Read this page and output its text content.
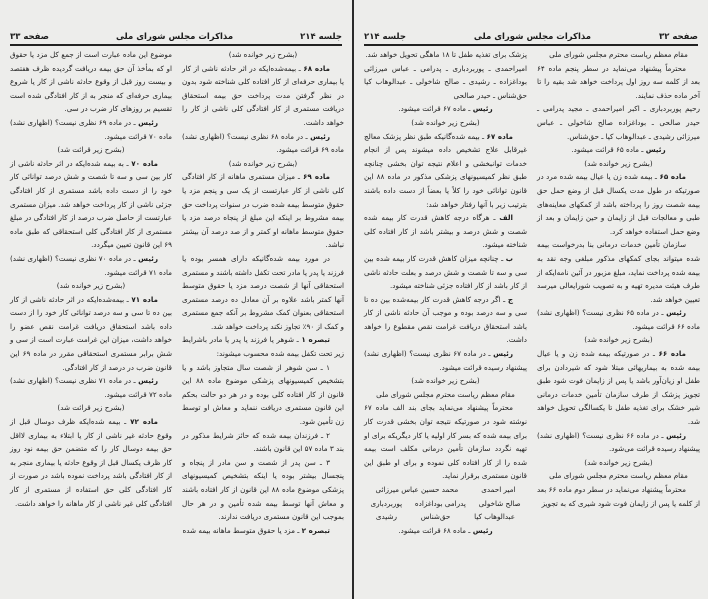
جلسه ۲۱۴
مذاکرات مجلس شورای ملی
صفحه ۳۳

(بشرح زیر خوانده شد)

ماده ۶۸ ـ بیمه‌شده‌ایکه در اثر حادثه ناشی از کار یا بیماری حرفه‌ای از کار افتاده کلی شناخته شود بدون در نظر گرفتن مدت پرداخت حق بیمه استحقاق دریافت مستمری از کار افتادگی کلی ناشی از کار را خواهد داشت.

رئیس ـ در ماده ۶۸ نظری نیست؟ (اظهاری نشد) ماده ۶۹ قرائت میشود.

(بشرح زیر خوانده شد)

ماده ۶۹ ـ میزان مستمری ماهانه از کار افتادگی کلی ناشی از کار عبارتست از یک سی‌ و پنجم مزد یا حقوق متوسط بیمه شده ضرب در سنوات پرداخت حق بیمه مشروط بر اینکه این مبلغ از پنجاه درصد مزد یا حقوق متوسط ماهانه او کمتر و از صد درصد آن بیشتر نباشد.

در مورد بیمه شده‌گانیکه دارای همسر بوده یا فرزند یا پدر یا مادر تحت تکفل داشته باشند و مستمری استحقاقی آنها از شصت درصد مزد یا حقوق متوسط آنها کمتر باشد علاوه بر آن معادل ده درصد مستمری استحقاقی بعنوان کمک مشروط بر آنکه جمع مستمری و کمک از ۹۰٪ تجاوز نکند پرداخت خواهد شد.

تبصره ۱ ـ شوهر یا فرزند یا پدر یا مادر باشرایط زیر تحت تکفل بیمه شده محسوب میشوند:

۱ ـ سن شوهر از شصت سال متجاوز باشد و یا بتشخیص کمیسیونهای پزشکی موضوع ماده ۸۸ این قانون از کار افتاده کلی بوده و در هر دو حالت بحکم این قانون مستمری دریافت ننماید و معاش او توسط زن تأمین شود.

۲ ـ فرزندان بیمه شده که حائز شرایط مذکور در بند ۳ ماده ۵۷ این قانون باشند.

۳ ـ سن پدر از شصت و سن مادر از پنجاه و پنجسال بیشتر بوده یا اینکه بتشخیص کمیسیونهای پزشکی موضوع ماده ۸۸ این قانون از کار افتاده باشند و معاش آنها توسط بیمه شده تأمین و در هر حال بموجب این قانون مستمری دریافت ندارند.

تبصره ۲ ـ مزد یا حقوق متوسط ماهانه بیمه شده

موضوع این ماده عبارت است از جمع کل مزد یا حقوق او که بمأخذ آن حق بیمه دریافت گردیده ظرف هفتصد و بیست روز قبل از وقوع حادثه ناشی از کار یا شروع بیماری حرفه‌ای که منجر به از کار افتادگی شده است تقسیم بر روزهای کار ضرب در سی.

رئیس ـ در ماده ۶۹ نظری نیست؟ (اظهاری نشد) ماده ۷۰ قرائت میشود.

(بشرح زیر قرائت شد)

ماده ۷۰ ـ به بیمه شده‌ایکه در اثر حادثه ناشی از کار بین سی و سه تا شصت و شش درصد توانائی کار خود را از دست داده باشد مستمری از کار افتادگی جزئی ناشی از کار پرداخت خواهد شد. میزان مستمری عبارتست از حاصل ضرب درصد از کار افتادگی در مبلغ مستمری از کار افتادگی کلی استحقاقی که طبق ماده ۶۹ این قانون تعیین میگردد.

رئیس ـ در ماده ۷۰ نظری نیست؟ (اظهاری نشد) ماده ۷۱ قرائت میشود.

(بشرح زیر خوانده شد)

ماده ۷۱ ـ بیمه‌شده‌ایکه در اثر حادثه ناشی از کار بین ده تا سی و سه درصد توانائی کار خود را از دست داده باشد استحقاق دریافت غرامت نقص عضو را خواهد داشت، میزان این غرامت عبارت است از سی و شش برابر مستمری استحقاقی مقرر در ماده ۶۹ این قانون ضرب در درصد از کار افتادگی.

رئیس ـ در ماده ۷۱ نظری نیست؟ (اظهاری نشد) ماده ۷۲ قرائت میشود.

(بشرح زیر قرائت شد)

ماده ۷۲ ـ بیمه شده‌ایکه ظرف دوسال قبل از وقوع حادثه غیر ناشی از کار یا ابتلاء به بیماری لااقل حق بیمه دوسال کار را که متضمن حق بیمه نود روز کار ظرف یکسال قبل از وقوع حادثه یا بیماری منجر به از کار افتادگی باشد پرداخت نموده باشد در صورت از کار افتادگی کلی حق استفاده از مستمری از کار افتادگی کلی غیر ناشی از کار ماهانه را خواهد داشت.

صفحه ۳۲
مذاکرات مجلس شورای ملی
جلسه ۲۱۴

مقام معظم ریاست محترم مجلس شورای ملی

محترماً پیشنهاد می‌نماید در سطر پنجم ماده ۶۴ بعد از کلمه سه روز اول پرداخت خواهد شد بقیه را تا آخر ماده حذف نمایند.

رحیم پوربردباری ـ اکبر امیراحمدی ـ مجید پدرامی ـ حیدر صالحی ـ بوداغزاده صالح شاخولی ـ عباس میرزائی رشیدی ـ عبدالوهاب کیا ـ حق‌شناس.

رئیس ـ ماده ۶۵ قرائت میشود.

(بشرح زیر خوانده شد)

ماده ۶۵ ـ بیمه شده زن یا عیال بیمه شده مرد در صورتیکه در طول مدت یکسال قبل از وضع حمل حق بیمه شصت روز را پرداخته باشد از کمکهای معاینه‌های طبی و معالجات قبل از زایمان و حین زایمان و بعد از وضع حمل استفاده خواهد کرد.

سازمان تأمین خدمات درمانی بنا بدرخواست بیمه شده میتواند بجای کمکهای مذکور مبلغی وجه نقد به بیمه شده پرداخت نماید، مبلغ مزبور در آئین نامه‌ایکه از طرف هیئت مدیره تهیه و به تصویب شورایعالی میرسد تعیین خواهد شد.

رئیس ـ در ماده ۶۵ نظری نیست؟ (اظهاری نشد) ماده ۶۶ قرائت میشود.

(بشرح زیر خوانده شد)

ماده ۶۶ ـ در صورتیکه بیمه شده زن و یا عیال بیمه شده به بیماریهائی مبتلا شود که شیردادن برای طفل او زیان‌آور باشد یا پس از زایمان فوت شود طبق تجویز پزشک از طرف سازمان تأمین خدمات درمانی شیر خشک برای تغذیه طفل تا یکسالگی تحویل خواهد شد.

رئیس ـ در ماده ۶۶ نظری نیست؟ (اظهاری نشد) پیشنهاد رسیده قرائت می‌شود.

(بشرح زیر خوانده شد)

مقام معظم ریاست محترم مجلس شورای ملی

محترماً پیشنهاد می‌نماید در سطر دوم ماده ۶۶ بعد از کلمه یا پس از زایمان فوت شود شیری که به تجویز

پزشک برای تغذیه طفل تا ۱۸ ماهگی تحویل خواهد شد.

امیراحمدی ـ پوربردباری ـ پدرامی ـ عباس میرزائی بوداغزاده ـ رشیدی ـ صالح شاخولی ـ عبدالوهاب کیا حق‌شناس ـ حیدر صالحی

رئیس ـ ماده ۶۷ قرائت میشود.

(بشرح زیر خوانده شد)

ماده ۶۷ ـ بیمه شده‌گانیکه طبق نظر پزشک معالج غیرقابل علاج تشخیص داده میشوند پس از انجام خدمات توانبخشی و اعلام نتیجه توان بخشی چنانچه طبق نظر کمیسیونهای پزشکی مذکور در ماده ۸۸ این قانون توانائی خود را کلاً یا بعضاً از دست داده باشند بترتیب زیر با آنها رفتار خواهد شد:

الف ـ هرگاه درجه کاهش قدرت کار بیمه شده شصت و شش درصد و بیشتر باشد از کار افتاده کلی شناخته میشود.

ب ـ چنانچه میزان کاهش قدرت کار بیمه شده بین سی و سه تا شصت و شش درصد و بعلت حادثه ناشی از کار باشد از کار افتاده جزئی شناخته میشود.

ج ـ اگر درجه کاهش قدرت کار بیمه‌شده بین ده تا سی و سه درصد بوده و موجب آن حادثه ناشی از کار باشد استحقاق دریافت غرامت نقص مقطوع را خواهد داشت.

رئیس ـ در ماده ۶۷ نظری نیست؟ (اظهاری نشد) پیشنهاد رسیده قرائت میشود.

(بشرح زیر خوانده شد)

مقام معظم ریاست محترم مجلس شورای ملی

محترماً پیشنهاد می‌نماید بجای بند الف ماده ۶۷ نوشته شود در صورتیکه نتیجه توان بخشی قدرت کار برای بیمه شده که بسر کار اولیه یا کار دیگریکه برای او تهیه نگردد سازمان تأمین درمانی مکلف است بیمه شده را از کار افتاده کلی نموده و برای او طبق این قانون مستمری برقرار نماید.

امیر احمدی
محمد حسین عباس میرزائی
صالح شاخولی
پدرامی بوداغزاده
پوربردباری
عبدالوهاب کیا
حق‌شناس
رشیدی

رئیس ـ ماده ۶۸ قرائت میشود.
